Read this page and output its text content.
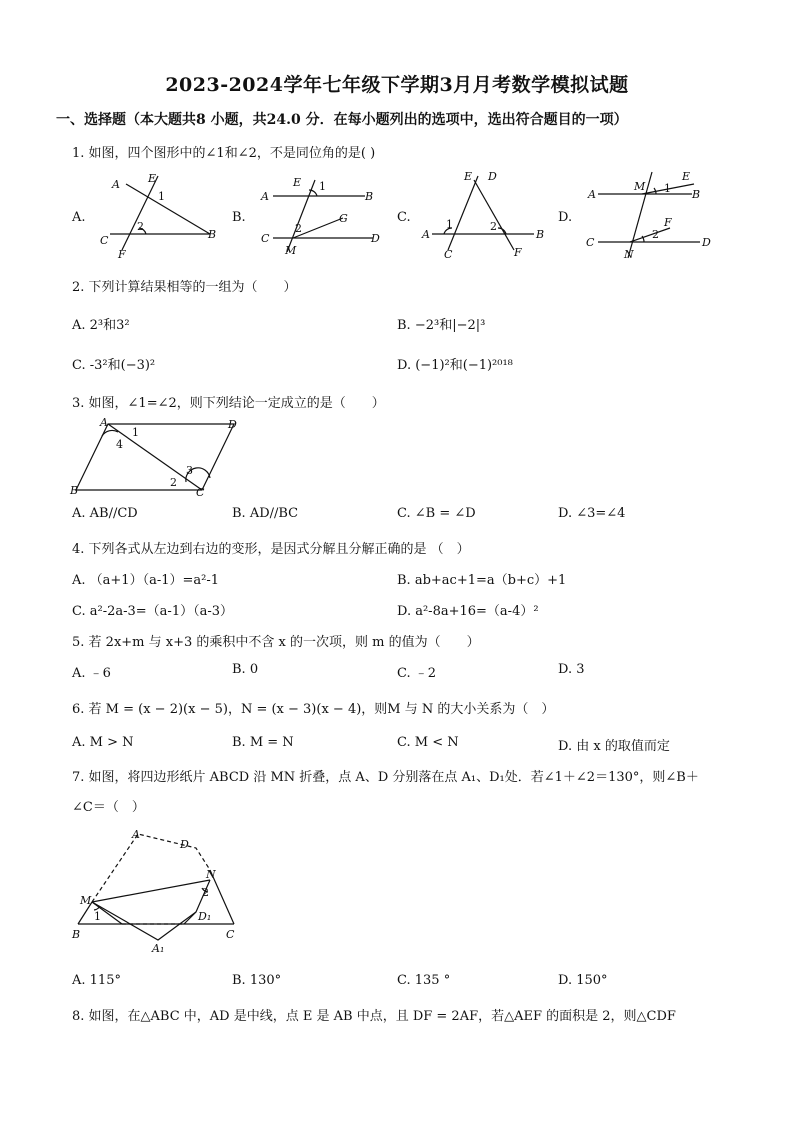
2023-2024学年七年级下学期3月月考数学模拟试题
一、选择题（本大题共8 小题，共24.0 分．在每小题列出的选项中，选出符合题目的一项）
1. 如图，四个图形中的∠1和∠2，不是同位角的是( )
A.	B.	C.	D.
A	E
1
2
C	B
F
E 1
B
A
G
2
C
M
D
E D
1	2
A	B
C	F
E
M 1 B
A
F
2
C
N
D
2. 下列计算结果相等的一组为（　　）
A. 2³和3²	B. −2³和|−2|³
C. -3²和(−3)²	D. (−1)²和(−1)²⁰¹⁸
3. 如图，∠1=∠2，则下列结论一定成立的是（　　）
A	D
1
4
3
2
B	C
A. AB//CD	B. AD//BC	C. ∠B = ∠D	D. ∠3=∠4
4. 下列各式从左边到右边的变形，是因式分解且分解正确的是 （　）
A. （a+1）（a-1）=a²-1	B. ab+ac+1=a（b+c）+1
C. a²-2a-3=（a-1）（a-3）	D. a²-8a+16=（a-4）²
5. 若 2x+m 与 x+3 的乘积中不含 x 的一次项，则 m 的值为（　　）
A. ﹣6	B. 0	C. ﹣2	D. 3
6. 若 M = (x − 2)(x − 5)，N = (x − 3)(x − 4)，则M 与 N 的大小关系为（　）
A. M > N	B. M = N	C. M < N	D. 由 x 的取值而定
7. 如图，将四边形纸片 ABCD 沿 MN 折叠，点 A、D 分别落在点 A₁、D₁处．若∠1＋∠2＝130°，则∠B＋
∠C＝（　）
A
D
N
2
M
1	D₁
B	C
A₁
A. 115°	B. 130°	C. 135 °	D. 150°
8. 如图，在△ABC 中，AD 是中线，点 E 是 AB 中点，且 DF = 2AF，若△AEF 的面积是 2，则△CDF
